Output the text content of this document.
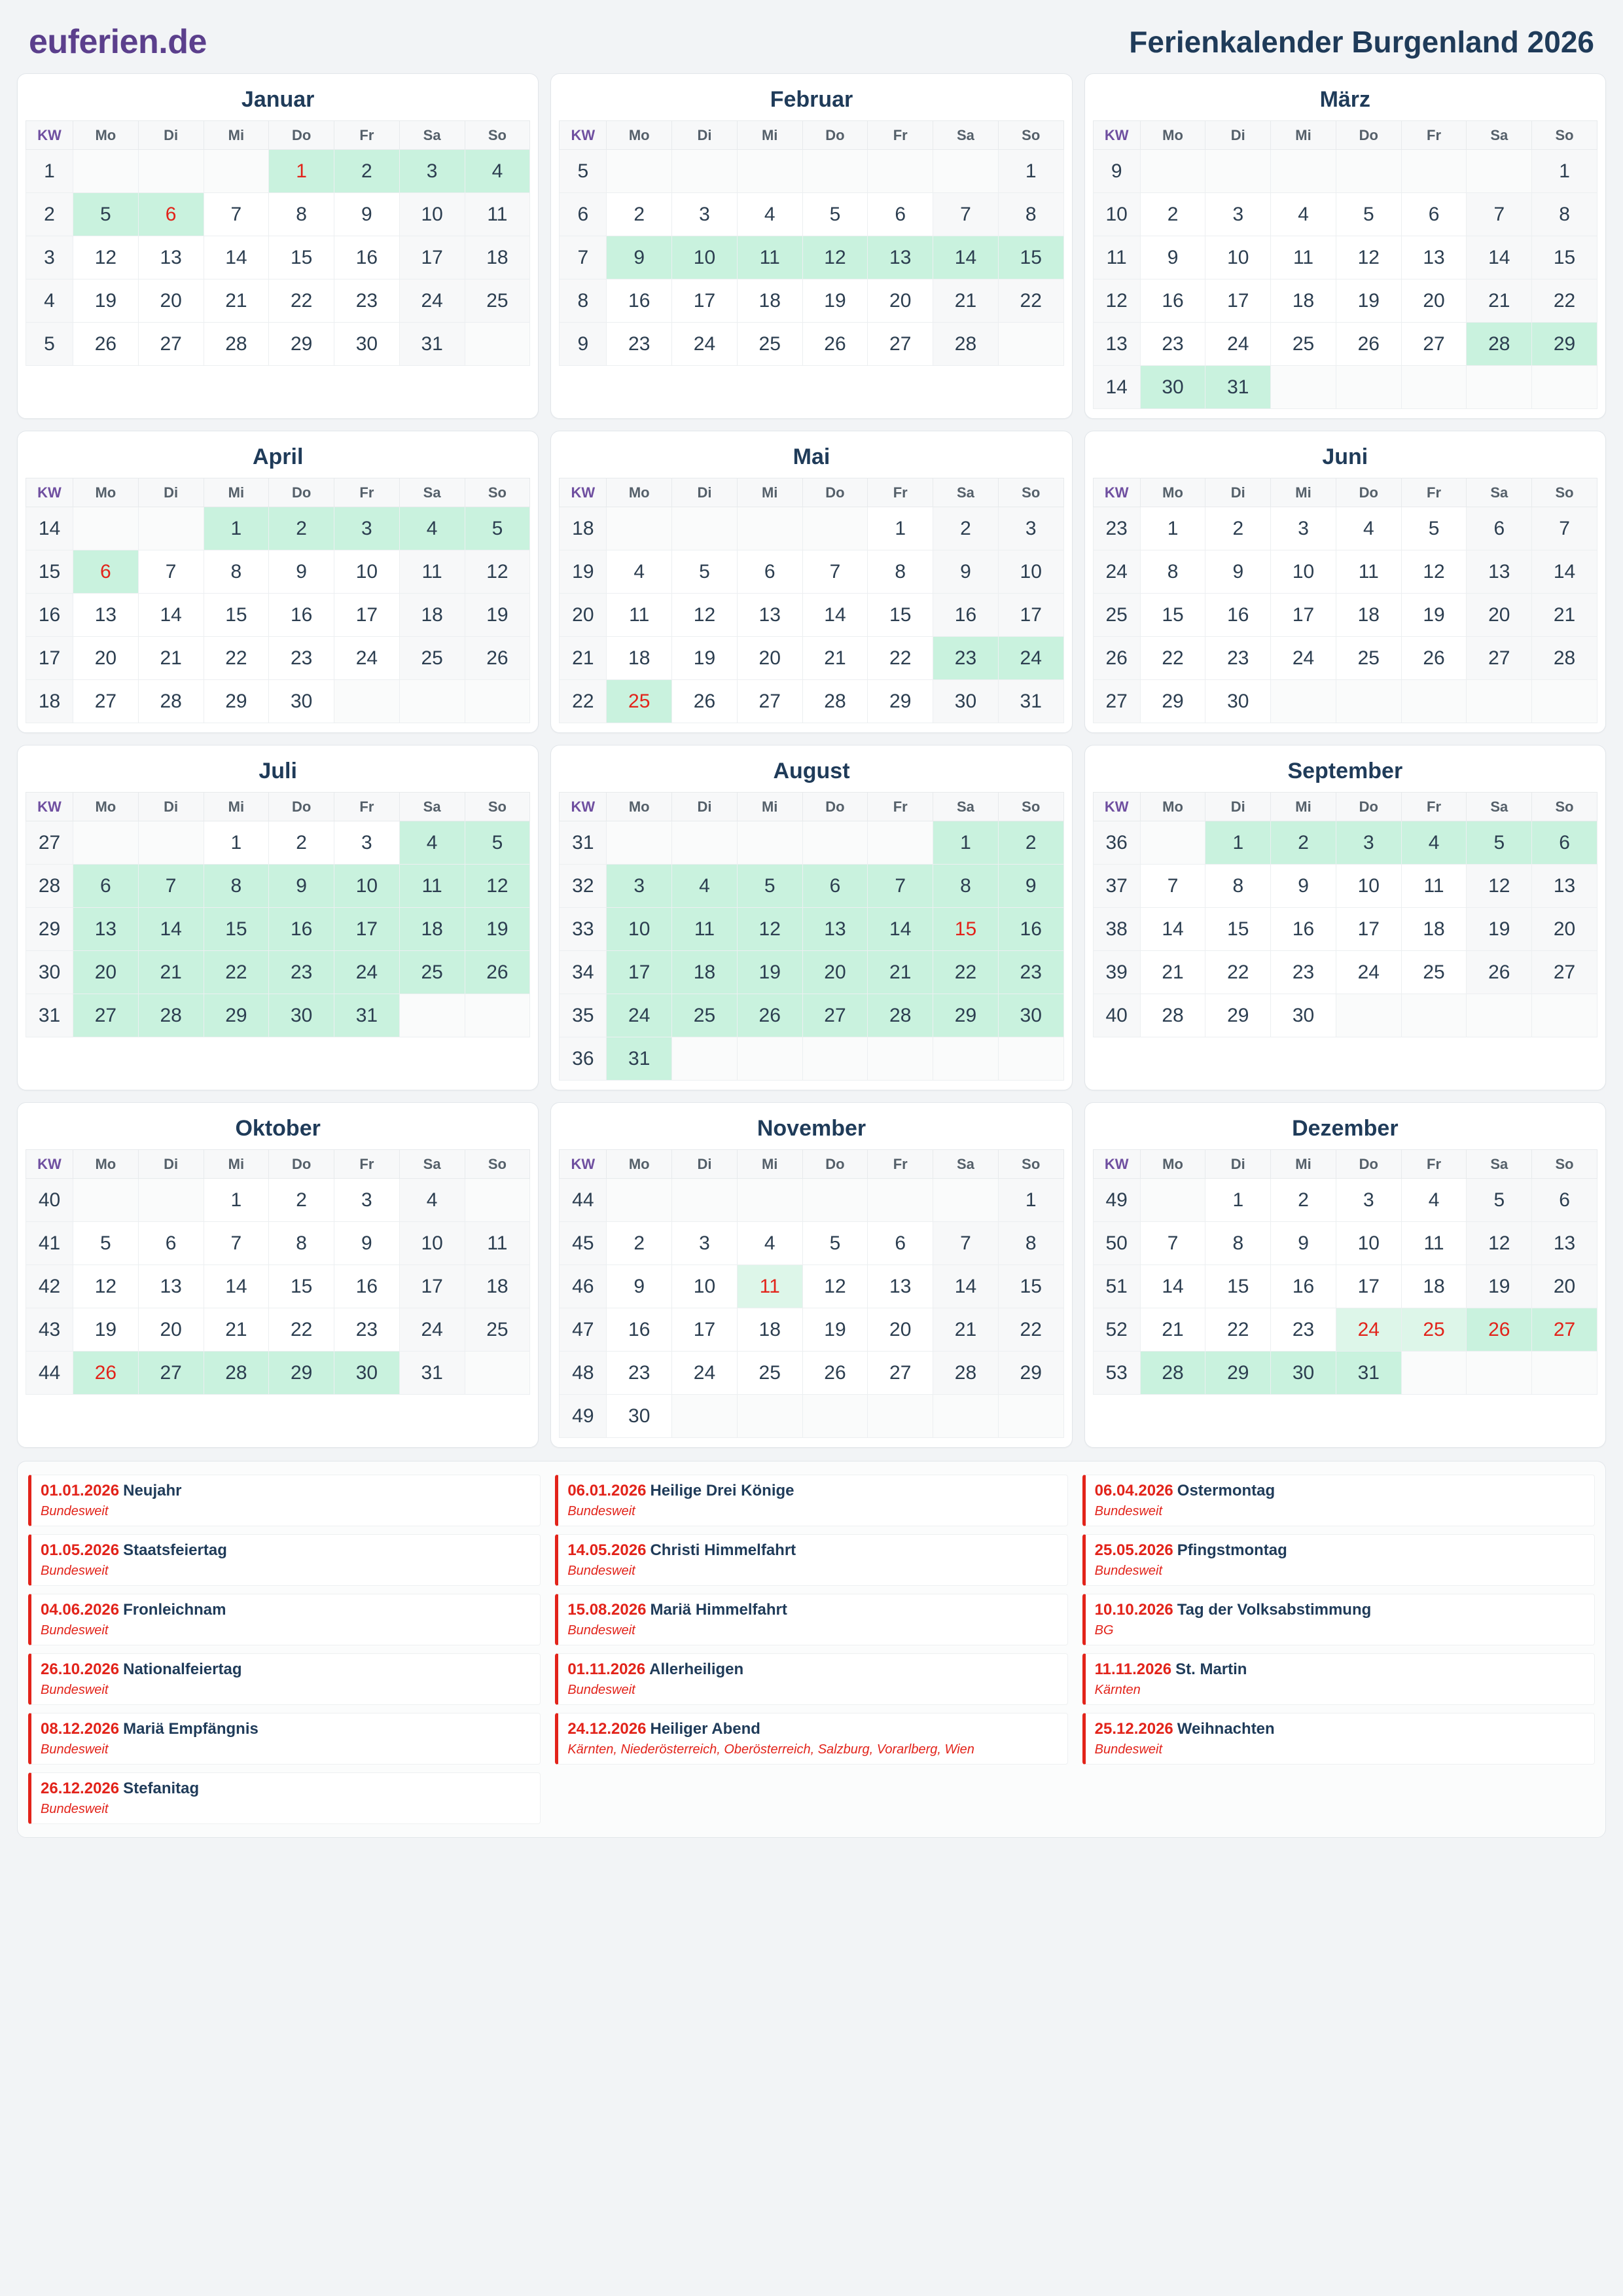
euferien.de	Ferienkalender Burgenland 2026
Januar
KW	Mo	Di	Mi	Do	Fr	Sa	So
1				1	2	3	4
2	5	6	7	8	9	10	11
3	12	13	14	15	16	17	18
4	19	20	21	22	23	24	25
5	26	27	28	29	30	31	
Februar
KW	Mo	Di	Mi	Do	Fr	Sa	So
5							1
6	2	3	4	5	6	7	8
7	9	10	11	12	13	14	15
8	16	17	18	19	20	21	22
9	23	24	25	26	27	28	
März
KW	Mo	Di	Mi	Do	Fr	Sa	So
9							1
10	2	3	4	5	6	7	8
11	9	10	11	12	13	14	15
12	16	17	18	19	20	21	22
13	23	24	25	26	27	28	29
14	30	31					
April
KW	Mo	Di	Mi	Do	Fr	Sa	So
14			1	2	3	4	5
15	6	7	8	9	10	11	12
16	13	14	15	16	17	18	19
17	20	21	22	23	24	25	26
18	27	28	29	30			
Mai
KW	Mo	Di	Mi	Do	Fr	Sa	So
18					1	2	3
19	4	5	6	7	8	9	10
20	11	12	13	14	15	16	17
21	18	19	20	21	22	23	24
22	25	26	27	28	29	30	31
Juni
KW	Mo	Di	Mi	Do	Fr	Sa	So
23	1	2	3	4	5	6	7
24	8	9	10	11	12	13	14
25	15	16	17	18	19	20	21
26	22	23	24	25	26	27	28
27	29	30					
Juli
KW	Mo	Di	Mi	Do	Fr	Sa	So
27			1	2	3	4	5
28	6	7	8	9	10	11	12
29	13	14	15	16	17	18	19
30	20	21	22	23	24	25	26
31	27	28	29	30	31		
August
KW	Mo	Di	Mi	Do	Fr	Sa	So
31						1	2
32	3	4	5	6	7	8	9
33	10	11	12	13	14	15	16
34	17	18	19	20	21	22	23
35	24	25	26	27	28	29	30
36	31						
September
KW	Mo	Di	Mi	Do	Fr	Sa	So
36		1	2	3	4	5	6
37	7	8	9	10	11	12	13
38	14	15	16	17	18	19	20
39	21	22	23	24	25	26	27
40	28	29	30				
Oktober
KW	Mo	Di	Mi	Do	Fr	Sa	So
40			1	2	3	4	
41	5	6	7	8	9	10	11
42	12	13	14	15	16	17	18
43	19	20	21	22	23	24	25
44	26	27	28	29	30	31	
November
KW	Mo	Di	Mi	Do	Fr	Sa	So
44							1
45	2	3	4	5	6	7	8
46	9	10	11	12	13	14	15
47	16	17	18	19	20	21	22
48	23	24	25	26	27	28	29
49	30						
Dezember
KW	Mo	Di	Mi	Do	Fr	Sa	So
49		1	2	3	4	5	6
50	7	8	9	10	11	12	13
51	14	15	16	17	18	19	20
52	21	22	23	24	25	26	27
53	28	29	30	31			
01.01.2026 Neujahr
Bundesweit
06.01.2026 Heilige Drei Könige
Bundesweit
06.04.2026 Ostermontag
Bundesweit
01.05.2026 Staatsfeiertag
Bundesweit
14.05.2026 Christi Himmelfahrt
Bundesweit
25.05.2026 Pfingstmontag
Bundesweit
04.06.2026 Fronleichnam
Bundesweit
15.08.2026 Mariä Himmelfahrt
Bundesweit
10.10.2026 Tag der Volksabstimmung
BG
26.10.2026 Nationalfeiertag
Bundesweit
01.11.2026 Allerheiligen
Bundesweit
11.11.2026 St. Martin
Kärnten
08.12.2026 Mariä Empfängnis
Bundesweit
24.12.2026 Heiliger Abend
Kärnten, Niederösterreich, Oberösterreich, Salzburg, Vorarlberg, Wien
25.12.2026 Weihnachten
Bundesweit
26.12.2026 Stefanitag
Bundesweit
